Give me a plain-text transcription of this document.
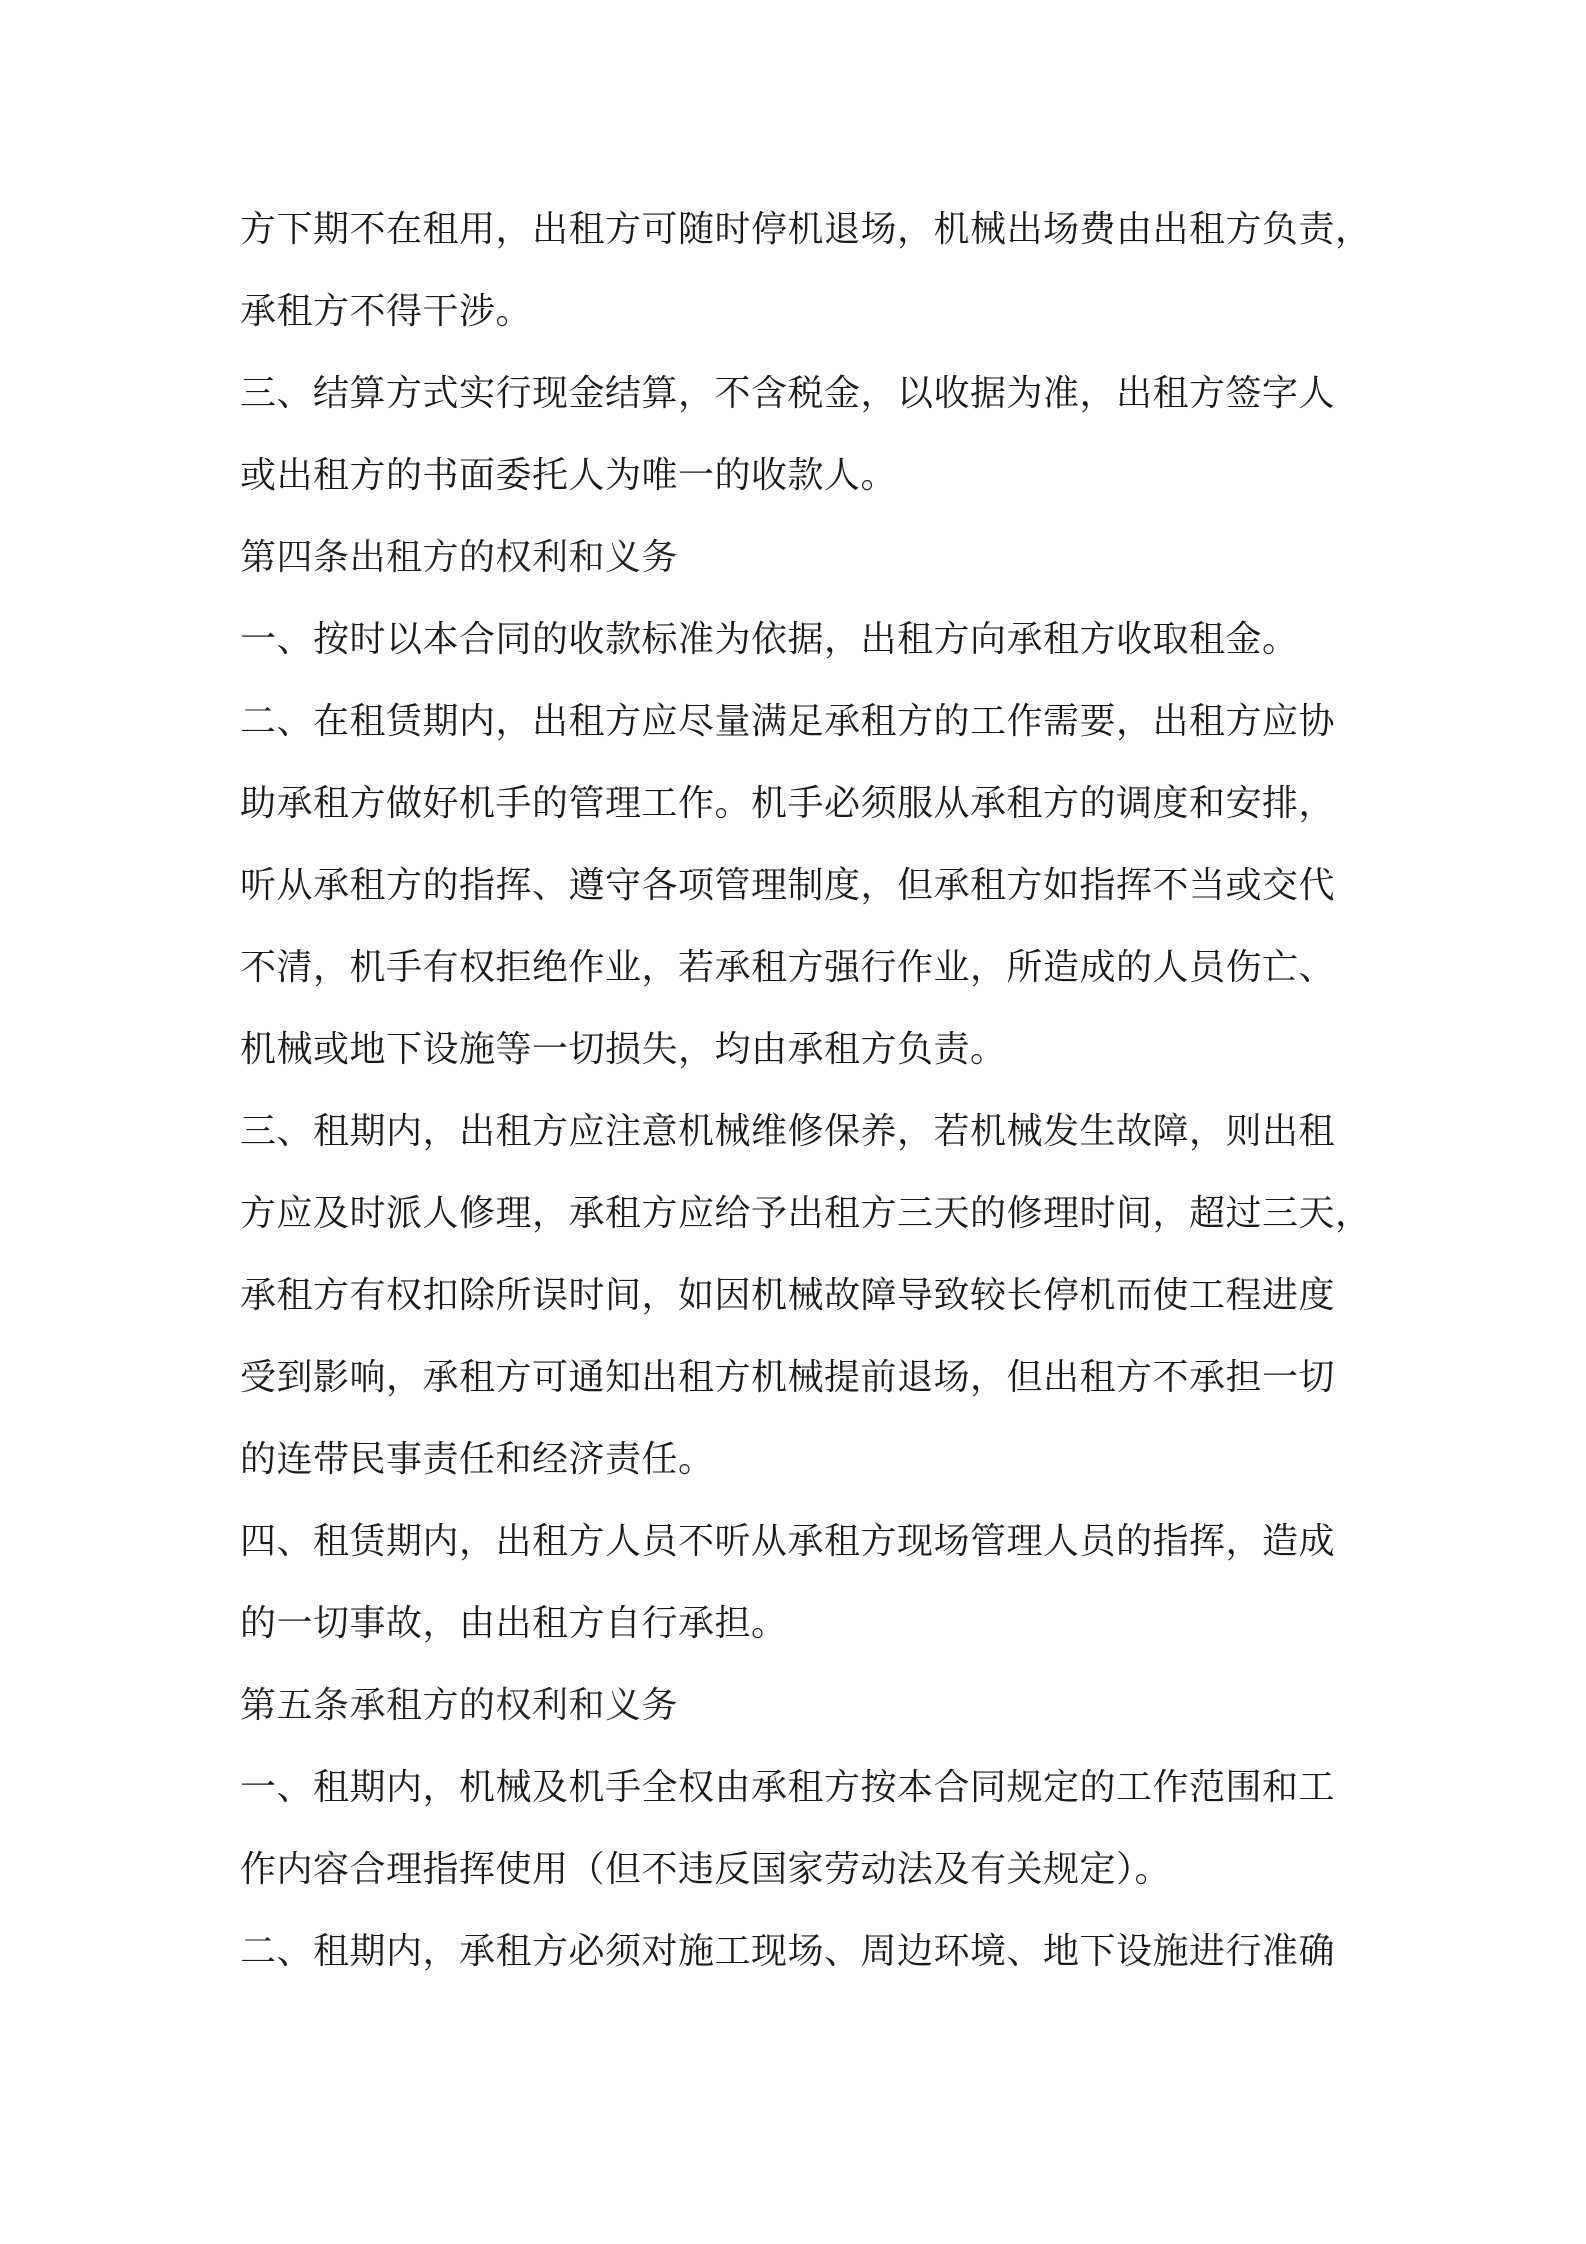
方下期不在租用，出租方可随时停机退场，机械出场费由出租方负责，
承租方不得干涉。
三、结算方式实行现金结算，不含税金，以收据为准，出租方签字人
或出租方的书面委托人为唯一的收款人。
第四条出租方的权利和义务
一、按时以本合同的收款标准为依据，出租方向承租方收取租金。
二、在租赁期内，出租方应尽量满足承租方的工作需要，出租方应协
助承租方做好机手的管理工作。机手必须服从承租方的调度和安排，
听从承租方的指挥、遵守各项管理制度，但承租方如指挥不当或交代
不清，机手有权拒绝作业，若承租方强行作业，所造成的人员伤亡、
机械或地下设施等一切损失，均由承租方负责。
三、租期内，出租方应注意机械维修保养，若机械发生故障，则出租
方应及时派人修理，承租方应给予出租方三天的修理时间，超过三天，
承租方有权扣除所误时间，如因机械故障导致较长停机而使工程进度
受到影响，承租方可通知出租方机械提前退场，但出租方不承担一切
的连带民事责任和经济责任。
四、租赁期内，出租方人员不听从承租方现场管理人员的指挥，造成
的一切事故，由出租方自行承担。
第五条承租方的权利和义务
一、租期内，机械及机手全权由承租方按本合同规定的工作范围和工
作内容合理指挥使用（但不违反国家劳动法及有关规定）。
二、租期内，承租方必须对施工现场、周边环境、地下设施进行准确
